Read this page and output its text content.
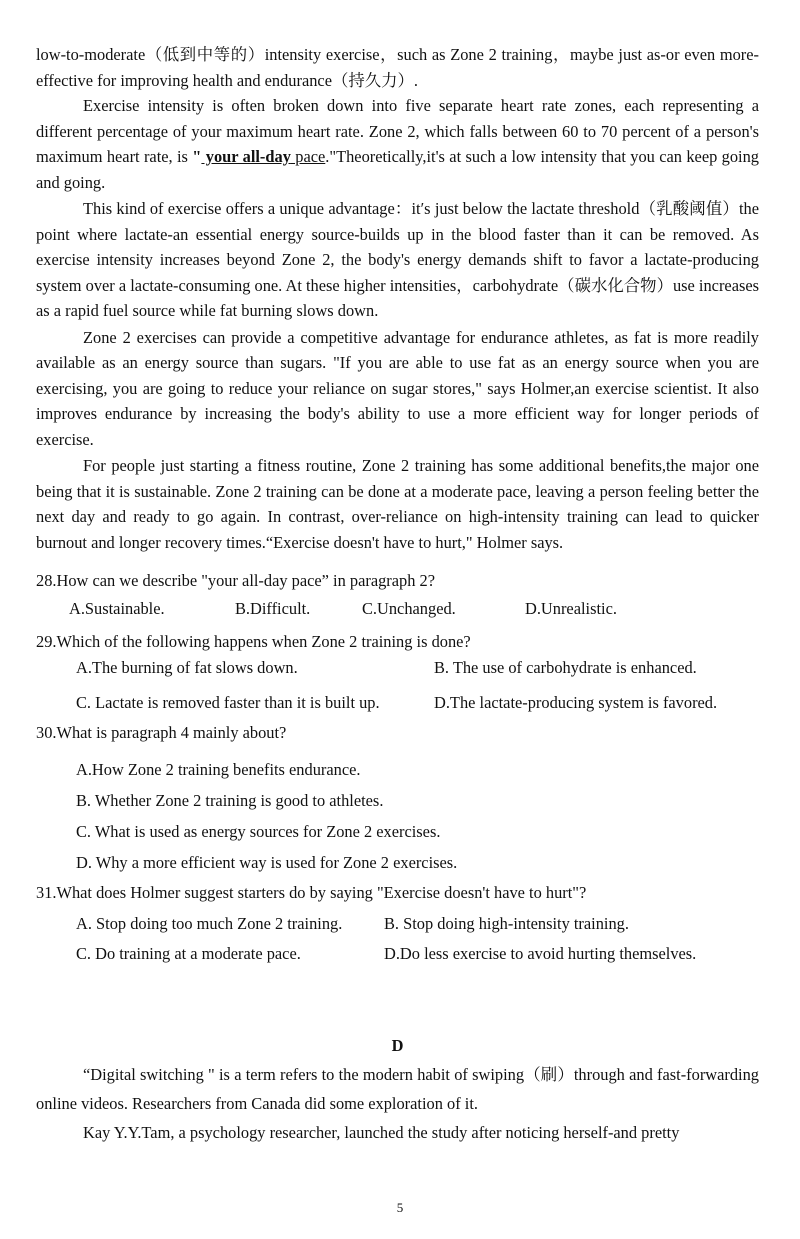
low-to-moderate（低到中等的）intensity exercise，such as Zone 2 training，maybe just as-or even more-effective for improving health and endurance（持久力）.

Exercise intensity is often broken down into five separate heart rate zones, each representing a different percentage of your maximum heart rate. Zone 2, which falls between 60 to 70 percent of a person's maximum heart rate, is " your all-day pace."Theoretically,it's at such a low intensity that you can keep going and going.

This kind of exercise offers a unique advantage：it′s just below the lactate threshold（乳酸阈值）the point where lactate-an essential energy source-builds up in the blood faster than it can be removed. As exercise intensity increases beyond Zone 2, the body's energy demands shift to favor a lactate-producing system over a lactate-consuming one. At these higher intensities，carbohydrate（碳水化合物）use increases as a rapid fuel source while fat burning slows down.

Zone 2 exercises can provide a competitive advantage for endurance athletes, as fat is more readily available as an energy source than sugars. "If you are able to use fat as an energy source when you are exercising, you are going to reduce your reliance on sugar stores," says Holmer,an exercise scientist. It also improves endurance by increasing the body's ability to use a more efficient way for longer periods of exercise.

For people just starting a fitness routine, Zone 2 training has some additional benefits,the major one being that it is sustainable. Zone 2 training can be done at a moderate pace, leaving a person feeling better the next day and ready to go again. In contrast, over-reliance on high-intensity training can lead to quicker burnout and longer recovery times.“Exercise doesn't have to hurt," Holmer says.

28.How can we describe "your all-day pace” in paragraph 2?

A.Sustainable.	B.Difficult.	C.Unchanged.	D.Unrealistic.

29.Which of the following happens when Zone 2 training is done?

A.The burning of fat slows down.	B. The use of carbohydrate is enhanced.
C. Lactate is removed faster than it is built up.	D.The lactate-producing system is favored.

30.What is paragraph 4 mainly about?

A.How Zone 2 training benefits endurance.

B. Whether Zone 2 training is good to athletes.

C. What is used as energy sources for Zone 2 exercises.

D. Why a more efficient way is used for Zone 2 exercises.

31.What does Holmer suggest starters do by saying "Exercise doesn't have to hurt"?

A. Stop doing too much Zone 2 training.	B. Stop doing high-intensity training.
C. Do training at a moderate pace.	D.Do less exercise to avoid hurting themselves.

D

“Digital switching " is a term refers to the modern habit of swiping（刷）through and fast-forwarding online videos. Researchers from Canada did some exploration of it.

Kay Y.Y.Tam, a psychology researcher, launched the study after noticing herself-and pretty

5
